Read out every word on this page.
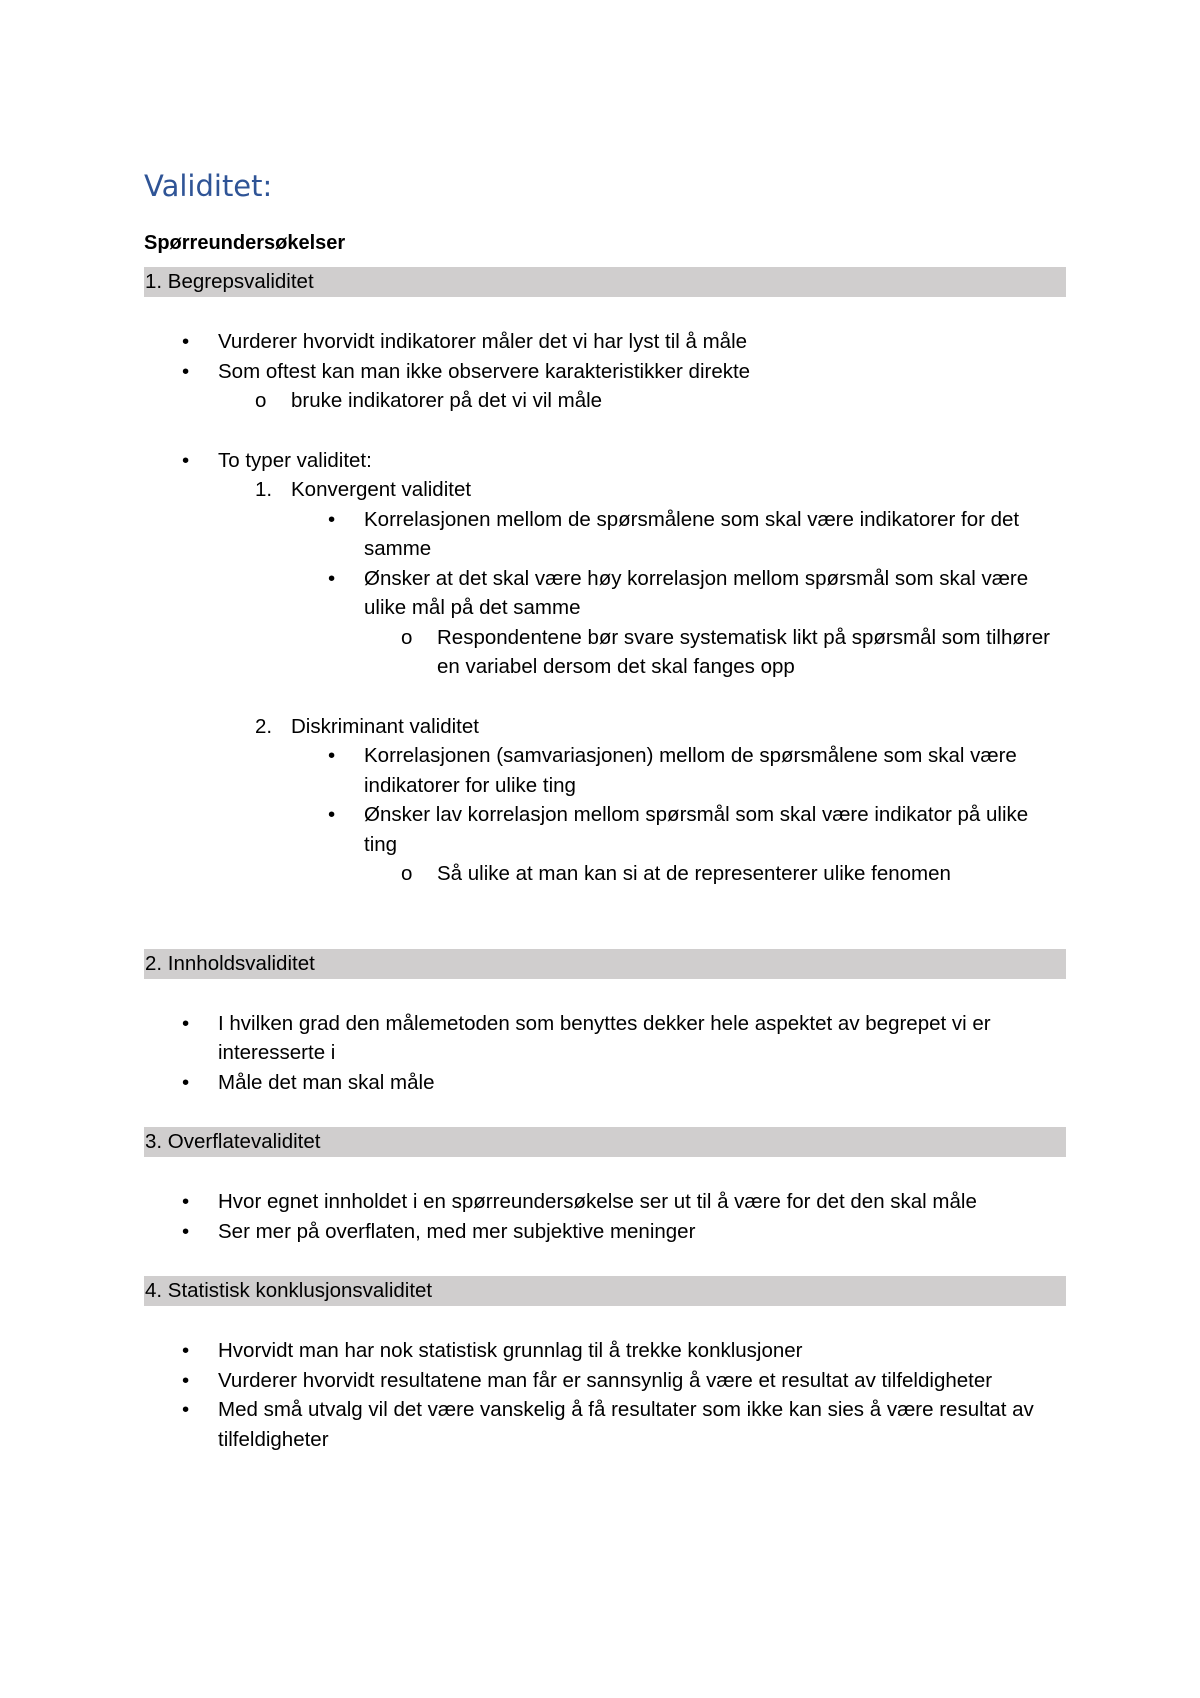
Validitet:
Spørreundersøkelser
1. Begrepsvaliditet
• Vurderer hvorvidt indikatorer måler det vi har lyst til å måle
• Som oftest kan man ikke observere karakteristikker direkte
o bruke indikatorer på det vi vil måle
• To typer validitet:
1. Konvergent validitet
• Korrelasjonen mellom de spørsmålene som skal være indikatorer for det samme
• Ønsker at det skal være høy korrelasjon mellom spørsmål som skal være ulike mål på det samme
o Respondentene bør svare systematisk likt på spørsmål som tilhører en variabel dersom det skal fanges opp
2. Diskriminant validitet
• Korrelasjonen (samvariasjonen) mellom de spørsmålene som skal være indikatorer for ulike ting
• Ønsker lav korrelasjon mellom spørsmål som skal være indikator på ulike ting
o Så ulike at man kan si at de representerer ulike fenomen
2. Innholdsvaliditet
• I hvilken grad den målemetoden som benyttes dekker hele aspektet av begrepet vi er interesserte i
• Måle det man skal måle
3. Overflatevaliditet
• Hvor egnet innholdet i en spørreundersøkelse ser ut til å være for det den skal måle
• Ser mer på overflaten, med mer subjektive meninger
4. Statistisk konklusjonsvaliditet
• Hvorvidt man har nok statistisk grunnlag til å trekke konklusjoner
• Vurderer hvorvidt resultatene man får er sannsynlig å være et resultat av tilfeldigheter
• Med små utvalg vil det være vanskelig å få resultater som ikke kan sies å være resultat av tilfeldigheter
